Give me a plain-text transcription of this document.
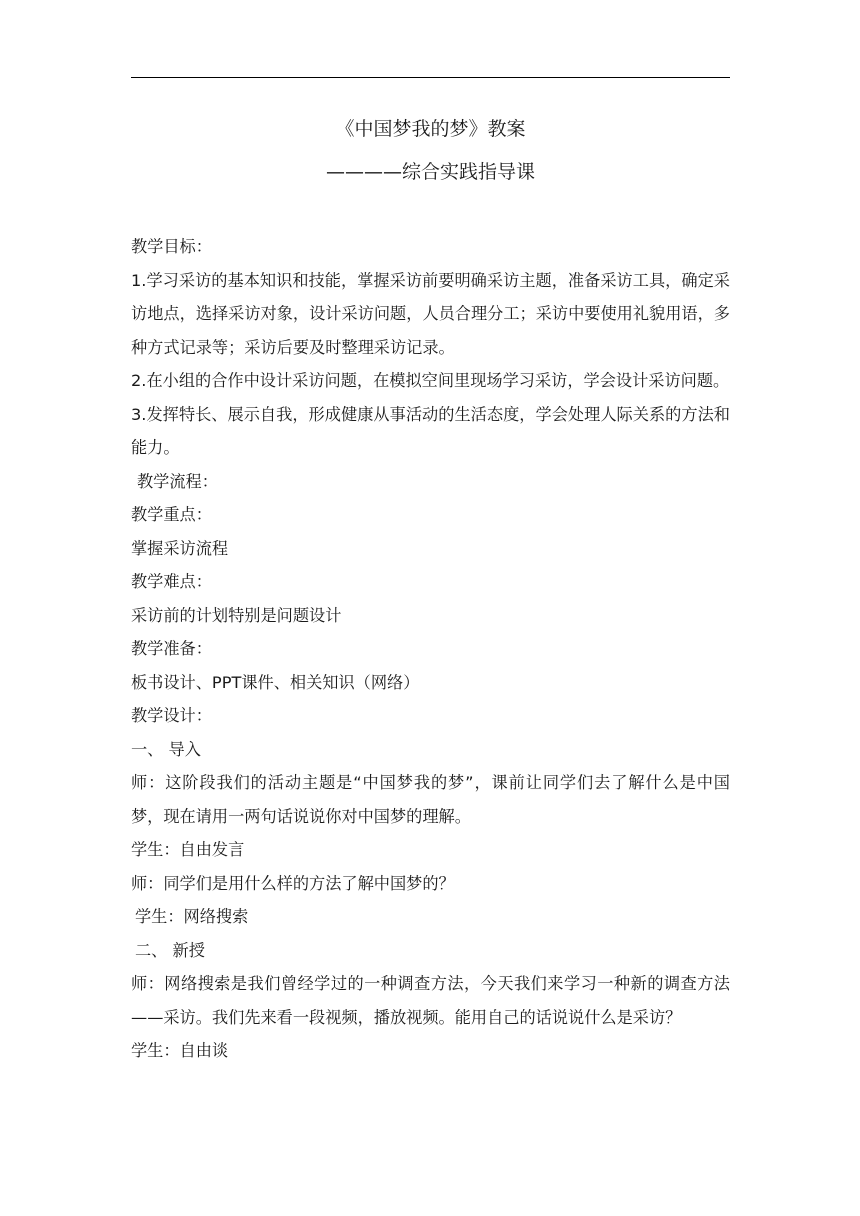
《中国梦我的梦》教案
————综合实践指导课

教学目标：

1.学习采访的基本知识和技能，掌握采访前要明确采访主题，准备采访工具，确定采访地点，选择采访对象，设计采访问题，人员合理分工；采访中要使用礼貌用语，多种方式记录等；采访后要及时整理采访记录。

2.在小组的合作中设计采访问题，在模拟空间里现场学习采访，学会设计采访问题。

3.发挥特长、展示自我，形成健康从事活动的生活态度，学会处理人际关系的方法和能力。

教学流程：

教学重点：

掌握采访流程

教学难点：

采访前的计划特别是问题设计

教学准备：

板书设计、PPT课件、相关知识（网络）

教学设计：

一、 导入

师：这阶段我们的活动主题是“中国梦我的梦”，课前让同学们去了解什么是中国梦，现在请用一两句话说说你对中国梦的理解。

学生：自由发言

师：同学们是用什么样的方法了解中国梦的？

学生：网络搜索

二、 新授

师：网络搜索是我们曾经学过的一种调查方法，今天我们来学习一种新的调查方法——采访。我们先来看一段视频，播放视频。能用自己的话说说什么是采访？

学生：自由谈
